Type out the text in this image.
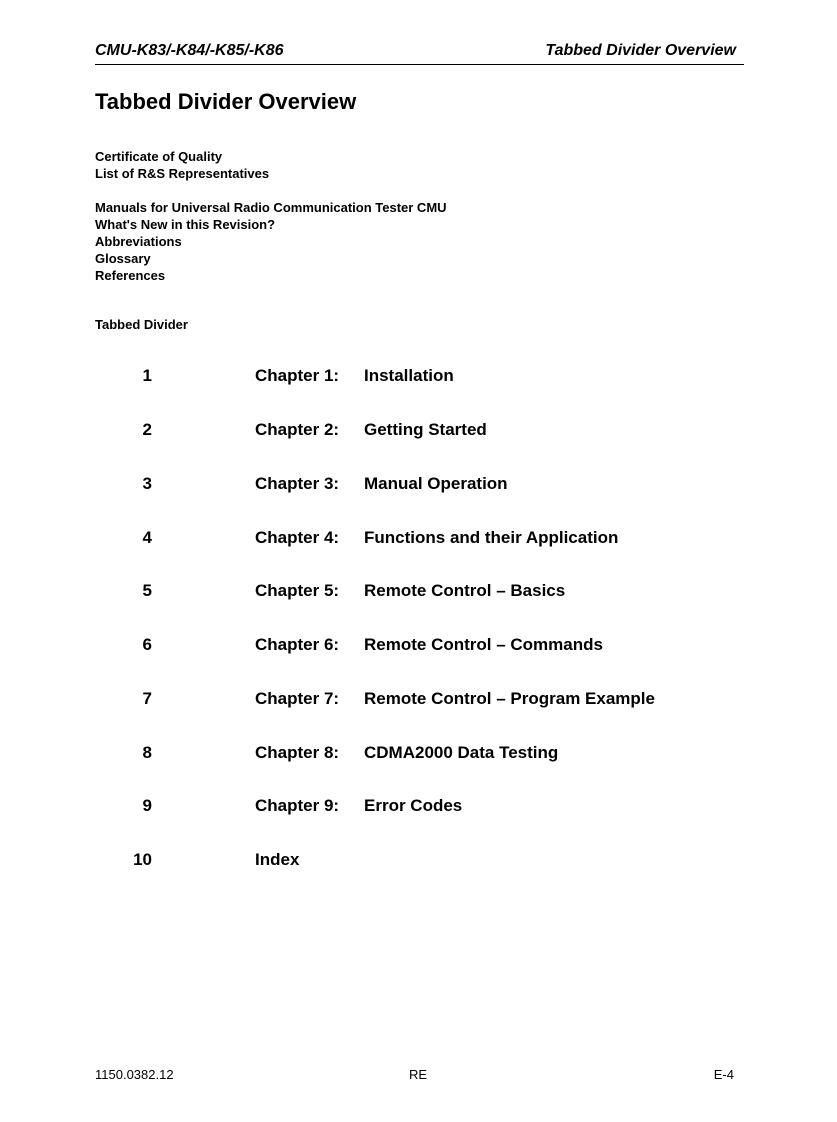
CMU-K83/-K84/-K85/-K86	Tabbed Divider Overview
Tabbed Divider Overview
Certificate of Quality
List of R&S Representatives
Manuals for Universal Radio Communication Tester CMU
What's New in this Revision?
Abbreviations
Glossary
References
Tabbed Divider
1	Chapter 1: Installation
2	Chapter 2: Getting Started
3	Chapter 3: Manual Operation
4	Chapter 4: Functions and their Application
5	Chapter 5: Remote Control – Basics
6	Chapter 6: Remote Control – Commands
7	Chapter 7: Remote Control – Program Example
8	Chapter 8: CDMA2000 Data Testing
9	Chapter 9: Error Codes
10	Index
1150.0382.12	RE	E-4
